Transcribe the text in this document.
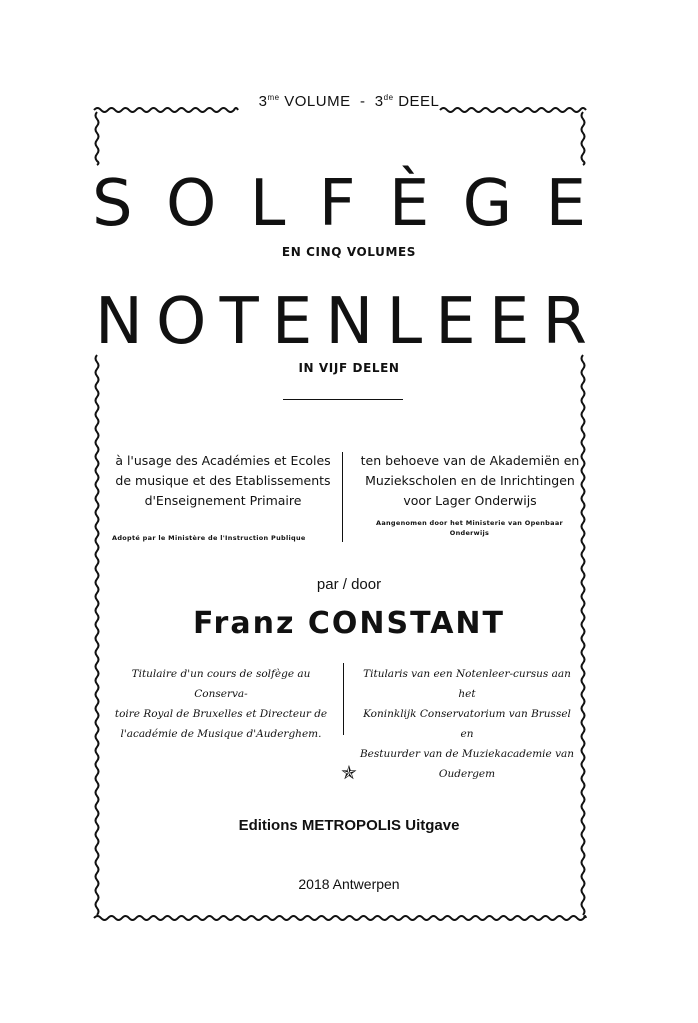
$3^{me}$ VOLUME - 3de DEEL
S O L F È G E
EN CINQ VOLUMES
N O T E N L E E R
IN VIJF DELEN
à l'usage des Académies et Ecoles
de musique et des Etablissements
d'Enseignement Primaire
ten behoeve van de Akademiën en
Muziekscholen en de Inrichtingen
voor Lager Onderwijs
Adopté par le Ministère de l'Instruction Publique
Aangenomen door het Ministerie van Openbaar
Onderwijs
par / door
Franz CONSTANT
Titulaire d'un cours de solfège au Conserva-
toire Royal de Bruxelles et Directeur de
l'académie de Musique d'Auderghem.
Titularis van een Notenleer-cursus aan het
Koninklijk Conservatorium van Brussel en
Bestuurder van de Muziekacademie van
Oudergem
✯
Editions METROPOLIS Uitgave
2018 Antwerpen
